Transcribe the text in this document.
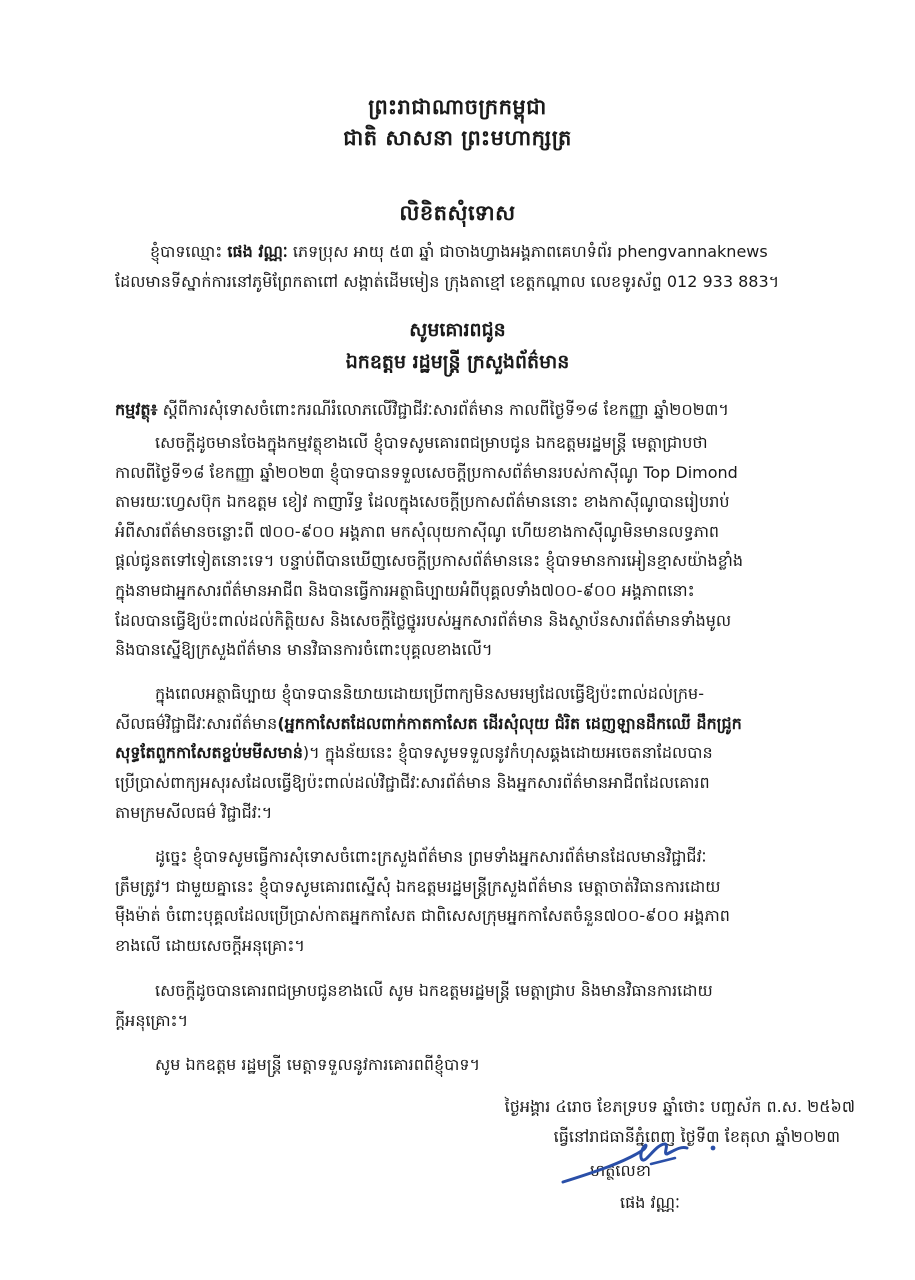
ព្រះរាជាណាចក្រកម្ពុជា
ជាតិ សាសនា ព្រះមហាក្សត្រ
លិខិតសុំទោស
ខ្ញុំបាទឈ្មោះ ផេង វណ្ណៈ ភេទប្រុស អាយុ ៥៣ ឆ្នាំ ជាចាងហ្វាងអង្គភាពគេហទំព័រ phengvannaknews
ដែលមានទីស្នាក់ការនៅភូមិព្រែកតាពៅ សង្កាត់ដើមមៀន ក្រុងតាខ្មៅ ខេត្តកណ្តាល លេខទូរស័ព្ទ 012 933 883។
សូមគោរពជូន
ឯកឧត្តម រដ្ឋមន្ត្រី ក្រសួងព័ត៌មាន
កម្មវត្ថុ៖ ស្តីពីការសុំទោសចំពោះករណីរំលោភលើវិជ្ជាជីវៈសារព័ត៌មាន កាលពីថ្ងៃទី១៨ ខែកញ្ញា ឆ្នាំ២០២៣។
សេចក្តីដូចមានចែងក្នុងកម្មវត្ថុខាងលើ ខ្ញុំបាទសូមគោរពជម្រាបជូន ឯកឧត្តមរដ្ឋមន្ត្រី មេត្តាជ្រាបថា
កាលពីថ្ងៃទី១៨ ខែកញ្ញា ឆ្នាំ២០២៣ ខ្ញុំបាទបានទទួលសេចក្តីប្រកាសព័ត៌មានរបស់កាស៊ីណូ Top Dimond
តាមរយៈហ្វេសប៊ុក ឯកឧត្តម ខៀវ កាញារីទ្ធ ដែលក្នុងសេចក្តីប្រកាសព័ត៌មាននោះ ខាងកាស៊ីណូបានរៀបរាប់
អំពីសារព័ត៌មានចន្លោះពី ៧០០-៩០០ អង្គភាព មកសុំលុយកាស៊ីណូ ហើយខាងកាស៊ីណូមិនមានលទ្ធភាព
ផ្តល់ជូនតទៅទៀតនោះទេ។ បន្ទាប់ពីបានឃើញសេចក្តីប្រកាសព័ត៌មាននេះ ខ្ញុំបាទមានការអៀនខ្មាសយ៉ាងខ្លាំង
ក្នុងនាមជាអ្នកសារព័ត៌មានអាជីព និងបានធ្វើការអត្ថាធិប្បាយអំពីបុគ្គលទាំង៧០០-៩០០ អង្គភាពនោះ
ដែលបានធ្វើឱ្យប៉ះពាល់ដល់កិត្តិយស និងសេចក្តីថ្លៃថ្នូររបស់អ្នកសារព័ត៌មាន និងស្ថាប័នសារព័ត៌មានទាំងមូល
និងបានស្នើឱ្យក្រសួងព័ត៌មាន មានវិធានការចំពោះបុគ្គលខាងលើ។
ក្នុងពេលអត្ថាធិប្បាយ ខ្ញុំបាទបាននិយាយដោយប្រើពាក្យមិនសមរម្យដែលធ្វើឱ្យប៉ះពាល់ដល់ក្រម-
សីលធម៌វិជ្ជាជីវៈសារព័ត៌មាន(អ្នកកាសែតដែលពាក់កាតកាសែត ដើរសុំលុយ ជំរិត ដេញឡានដឹកឈើ ដឹកជ្រូក
សុទ្ធតែពួកកាសែតខ្ចប់មមីសមាន់)។ ក្នុងន័យនេះ ខ្ញុំបាទសូមទទួលនូវកំហុសឆ្គងដោយអចេតនាដែលបាន
ប្រើប្រាស់ពាក្យអសុរសដែលធ្វើឱ្យប៉ះពាល់ដល់វិជ្ជាជីវៈសារព័ត៌មាន និងអ្នកសារព័ត៌មានអាជីពដែលគោរព
តាមក្រមសីលធម៌ វិជ្ជាជីវៈ។
ដូច្នេះ ខ្ញុំបាទសូមធ្វើការសុំទោសចំពោះក្រសួងព័ត៌មាន ព្រមទាំងអ្នកសារព័ត៌មានដែលមានវិជ្ជាជីវៈ
ត្រឹមត្រូវ។ ជាមួយគ្នានេះ ខ្ញុំបាទសូមគោរពស្នើសុំ ឯកឧត្តមរដ្ឋមន្ត្រីក្រសួងព័ត៌មាន មេត្តាចាត់វិធានការដោយ
ម៉ឺងម៉ាត់ ចំពោះបុគ្គលដែលប្រើប្រាស់កាតអ្នកកាសែត ជាពិសេសក្រុមអ្នកកាសែតចំនួន៧០០-៩០០ អង្គភាព
ខាងលើ ដោយសេចក្តីអនុគ្រោះ។
សេចក្តីដូចបានគោរពជម្រាបជូនខាងលើ សូម ឯកឧត្តមរដ្ឋមន្ត្រី មេត្តាជ្រាប និងមានវិធានការដោយ
ក្តីអនុគ្រោះ។
សូម ឯកឧត្តម រដ្ឋមន្ត្រី មេត្តាទទួលនូវការគោរពពីខ្ញុំបាទ។
ថ្ងៃអង្គារ ៤រោច ខែភទ្របទ ឆ្នាំថោះ បញ្ចស័ក ព.ស. ២៥៦៧
ធ្វើនៅរាជធានីភ្នំពេញ ថ្ងៃទី៣ ខែតុលា ឆ្នាំ២០២៣
ហត្ថលេខា
ផេង វណ្ណៈ
